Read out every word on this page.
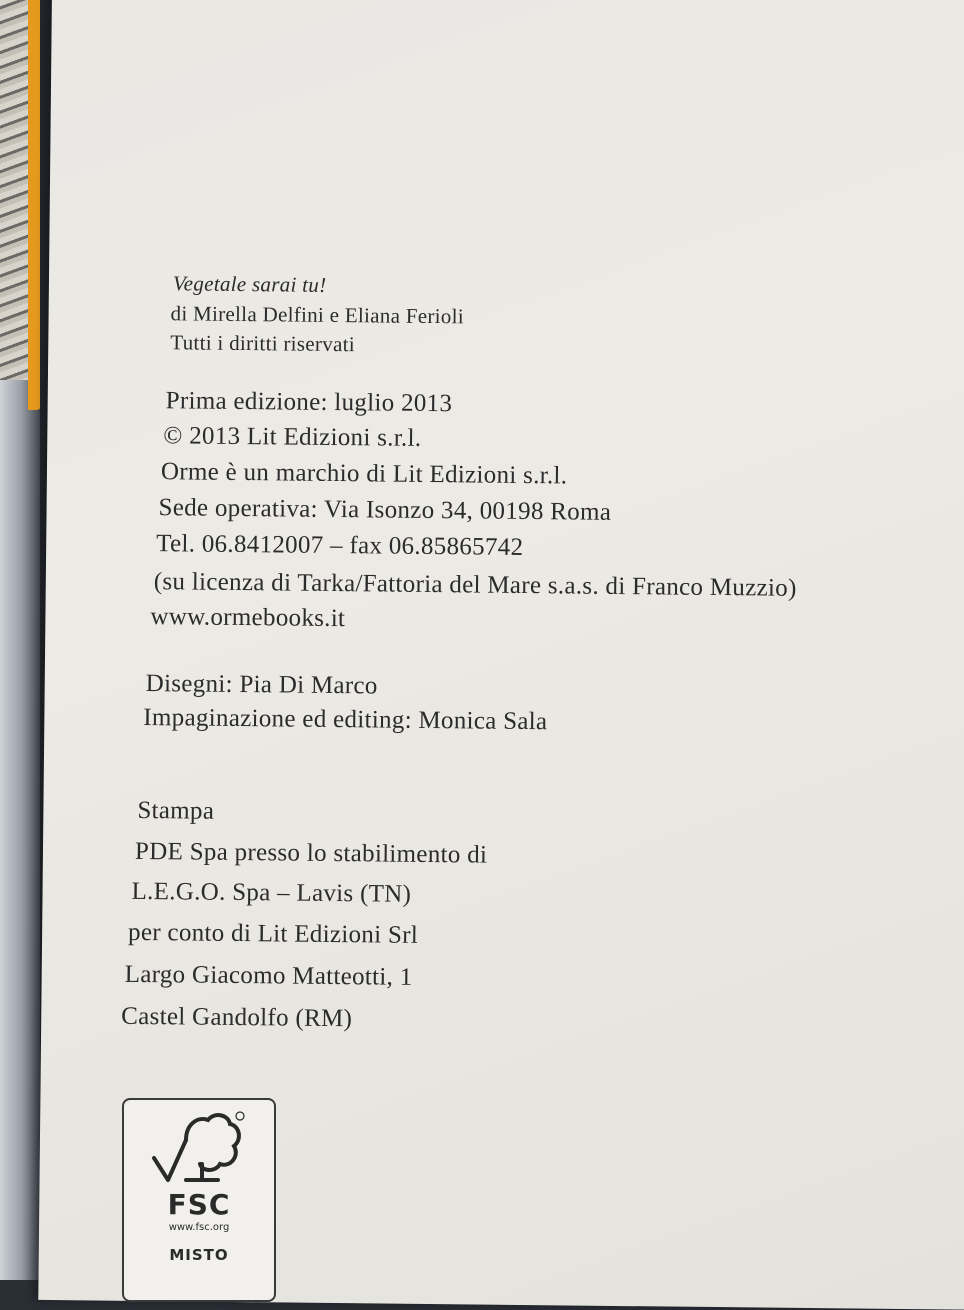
Vegetale sarai tu!
di Mirella Delfini e Eliana Ferioli
Tutti i diritti riservati
Prima edizione: luglio 2013
© 2013 Lit Edizioni s.r.l.
Orme è un marchio di Lit Edizioni s.r.l.
Sede operativa: Via Isonzo 34, 00198 Roma
Tel. 06.8412007 – fax 06.85865742
(su licenza di Tarka/Fattoria del Mare s.a.s. di Franco Muzzio)
www.ormebooks.it
Disegni: Pia Di Marco
Impaginazione ed editing: Monica Sala
Stampa
PDE Spa presso lo stabilimento di
L.E.G.O. Spa – Lavis (TN)
per conto di Lit Edizioni Srl
Largo Giacomo Matteotti, 1
Castel Gandolfo (RM)
FSC
www.fsc.org
MISTO
